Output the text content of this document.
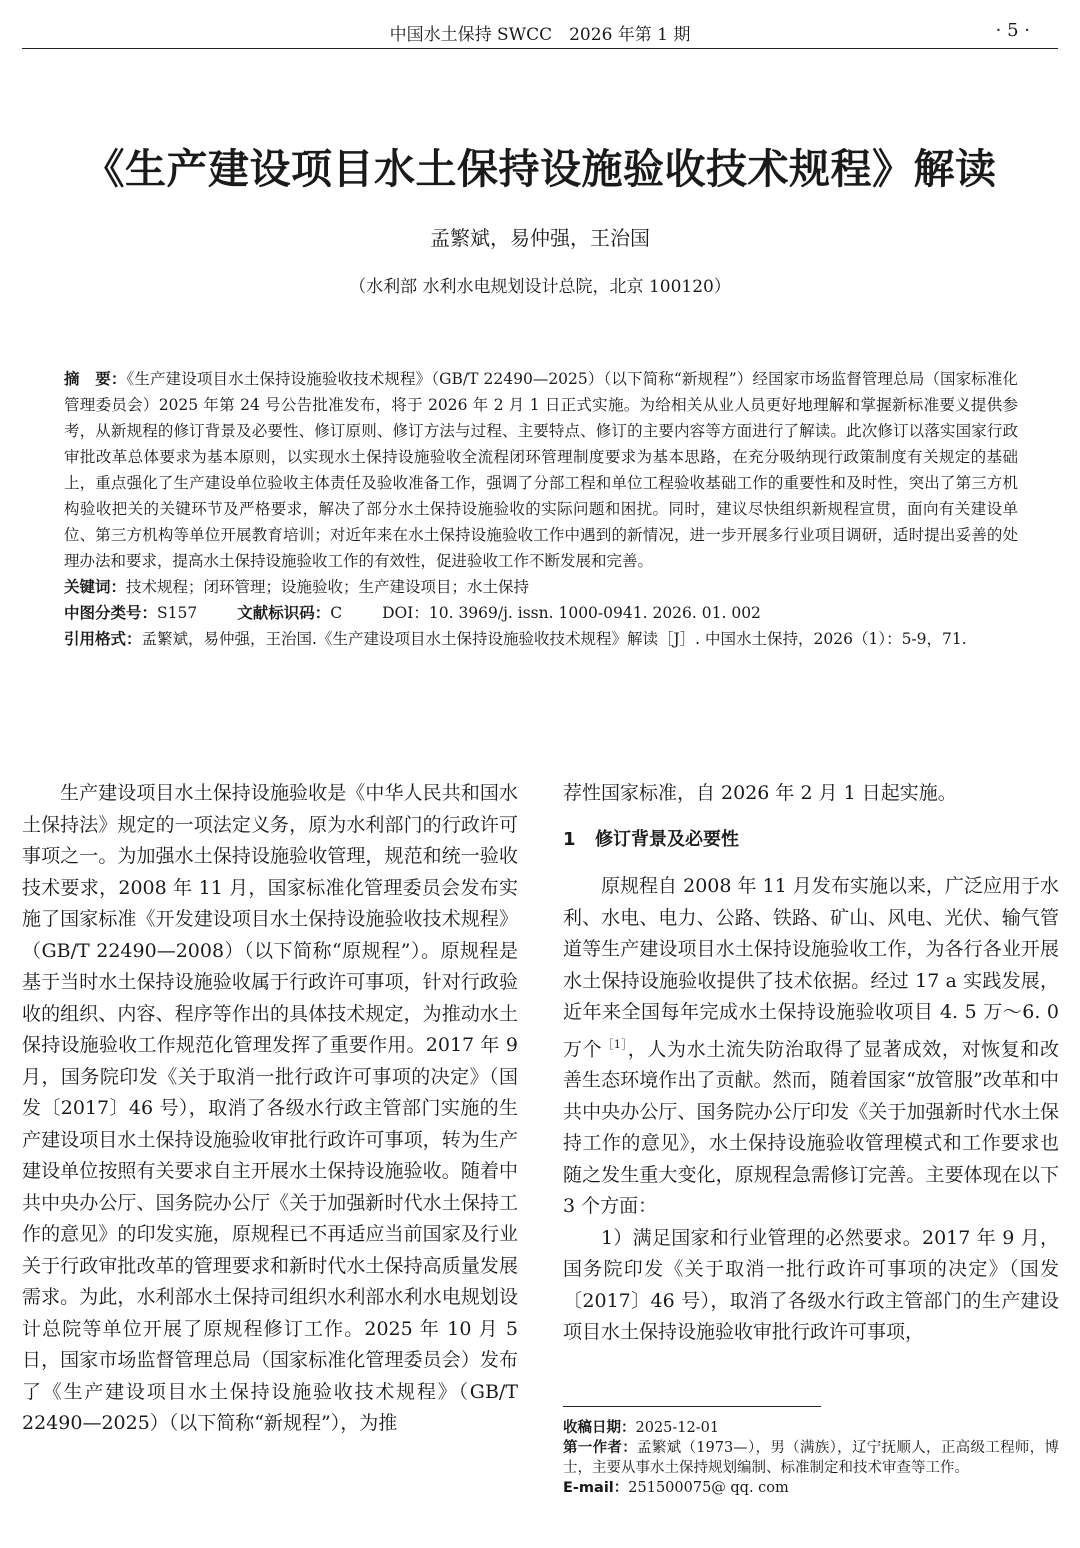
中国水土保持 SWCC　2026 年第 1 期	· 5 ·
《生产建设项目水土保持设施验收技术规程》解读
孟繁斌，易仲强，王治国
（水利部 水利水电规划设计总院，北京 100120）

摘　要：《生产建设项目水土保持设施验收技术规程》（GB/T 22490—2025）（以下简称“新规程”）经国家市场监督管理总局（国家标准化管理委员会）2025 年第 24 号公告批准发布，将于 2026 年 2 月 1 日正式实施。为给相关从业人员更好地理解和掌握新标准要义提供参考，从新规程的修订背景及必要性、修订原则、修订方法与过程、主要特点、修订的主要内容等方面进行了解读。此次修订以落实国家行政审批改革总体要求为基本原则，以实现水土保持设施验收全流程闭环管理制度要求为基本思路，在充分吸纳现行政策制度有关规定的基础上，重点强化了生产建设单位验收主体责任及验收准备工作，强调了分部工程和单位工程验收基础工作的重要性和及时性，突出了第三方机构验收把关的关键环节及严格要求，解决了部分水土保持设施验收的实际问题和困扰。同时，建议尽快组织新规程宣贯，面向有关建设单位、第三方机构等单位开展教育培训；对近年来在水土保持设施验收工作中遇到的新情况，进一步开展多行业项目调研，适时提出妥善的处理办法和要求，提高水土保持设施验收工作的有效性，促进验收工作不断发展和完善。

关键词：技术规程；闭环管理；设施验收；生产建设项目；水土保持

中图分类号：S157	文献标识码：C	DOI：10. 3969/j. issn. 1000-0941. 2026. 01. 002

引用格式：孟繁斌，易仲强，王治国.《生产建设项目水土保持设施验收技术规程》解读［J］. 中国水土保持，2026（1）：5-9，71.

生产建设项目水土保持设施验收是《中华人民共和国水土保持法》规定的一项法定义务，原为水利部门的行政许可事项之一。为加强水土保持设施验收管理，规范和统一验收技术要求，2008 年 11 月，国家标准化管理委员会发布实施了国家标准《开发建设项目水土保持设施验收技术规程》（GB/T 22490—2008）（以下简称“原规程”）。原规程是基于当时水土保持设施验收属于行政许可事项，针对行政验收的组织、内容、程序等作出的具体技术规定，为推动水土保持设施验收工作规范化管理发挥了重要作用。2017 年 9 月，国务院印发《关于取消一批行政许可事项的决定》（国发〔2017〕46 号），取消了各级水行政主管部门实施的生产建设项目水土保持设施验收审批行政许可事项，转为生产建设单位按照有关要求自主开展水土保持设施验收。随着中共中央办公厅、国务院办公厅《关于加强新时代水土保持工作的意见》的印发实施，原规程已不再适应当前国家及行业关于行政审批改革的管理要求和新时代水土保持高质量发展需求。为此，水利部水土保持司组织水利部水利水电规划设计总院等单位开展了原规程修订工作。2025 年 10 月 5 日，国家市场监督管理总局（国家标准化管理委员会）发布了《生产建设项目水土保持设施验收技术规程》（GB/T 22490—2025）（以下简称“新规程”），为推

荐性国家标准，自 2026 年 2 月 1 日起实施。

1 修订背景及必要性

原规程自 2008 年 11 月发布实施以来，广泛应用于水利、水电、电力、公路、铁路、矿山、风电、光伏、输气管道等生产建设项目水土保持设施验收工作，为各行各业开展水土保持设施验收提供了技术依据。经过 17 a 实践发展，近年来全国每年完成水土保持设施验收项目 4. 5 万～6. 0 万个$^{[1]}$，人为水土流失防治取得了显著成效，对恢复和改善生态环境作出了贡献。然而，随着国家“放管服”改革和中共中央办公厅、国务院办公厅印发《关于加强新时代水土保持工作的意见》，水土保持设施验收管理模式和工作要求也随之发生重大变化，原规程急需修订完善。主要体现在以下 3 个方面：

1）满足国家和行业管理的必然要求。2017 年 9 月，国务院印发《关于取消一批行政许可事项的决定》（国发〔2017〕46 号），取消了各级水行政主管部门的生产建设项目水土保持设施验收审批行政许可事项，

收稿日期：2025-12-01

第一作者：孟繁斌（1973—），男（满族），辽宁抚顺人，正高级工程师，博士，主要从事水土保持规划编制、标准制定和技术审查等工作。

E-mail：251500075@ qq. com
